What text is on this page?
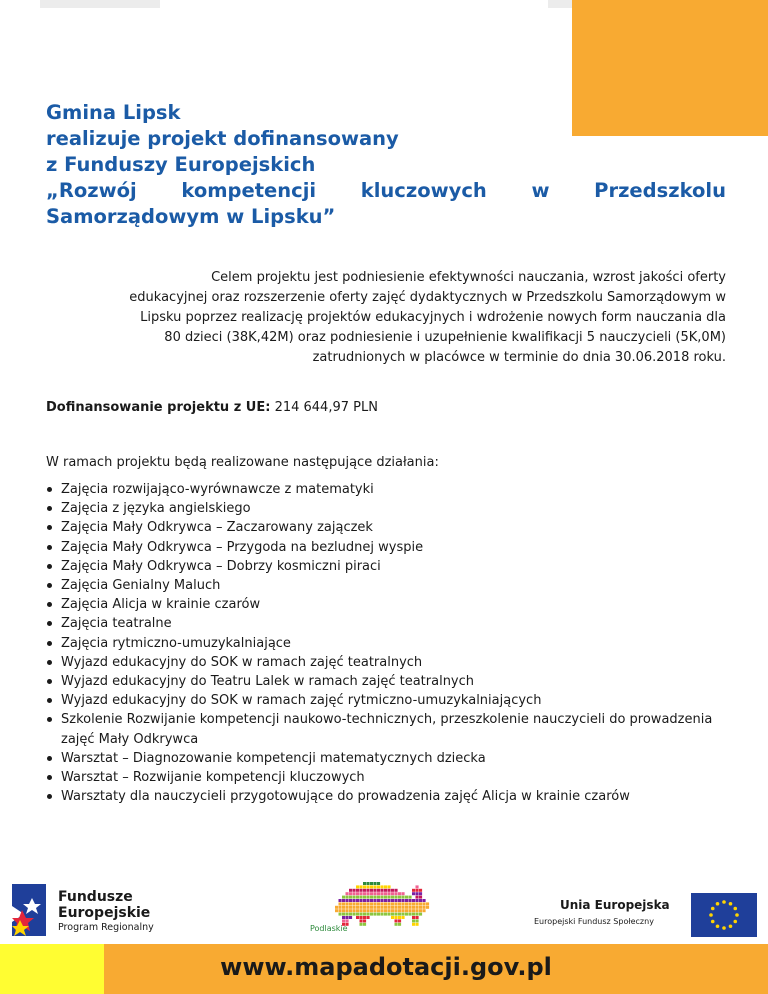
Gmina Lipsk
realizuje projekt dofinansowany
z Funduszy Europejskich
„Rozwój kompetencji kluczowych w Przedszkolu
Samorządowym w Lipsku”
Celem projektu jest podniesienie efektywności nauczania, wzrost jakości oferty
edukacyjnej oraz rozszerzenie oferty zajęć dydaktycznych w Przedszkolu Samorządowym w
Lipsku poprzez realizację projektów edukacyjnych i wdrożenie nowych form nauczania dla
80 dzieci (38K,42M) oraz podniesienie i uzupełnienie kwalifikacji 5 nauczycieli (5K,0M)
zatrudnionych w placówce w terminie do dnia 30.06.2018 roku.
Dofinansowanie projektu z UE: 214 644,97 PLN
W ramach projektu będą realizowane następujące działania:
Zajęcia rozwijająco-wyrównawcze z matematyki
Zajęcia z języka angielskiego
Zajęcia Mały Odkrywca – Zaczarowany zajączek
Zajęcia Mały Odkrywca – Przygoda na bezludnej wyspie
Zajęcia Mały Odkrywca – Dobrzy kosmiczni piraci
Zajęcia Genialny Maluch
Zajęcia Alicja w krainie czarów
Zajęcia teatralne
Zajęcia rytmiczno-umuzykalniające
Wyjazd edukacyjny do SOK w ramach zajęć teatralnych
Wyjazd edukacyjny do Teatru Lalek w ramach zajęć teatralnych
Wyjazd edukacyjny do SOK w ramach zajęć rytmiczno-umuzykalniających
Szkolenie Rozwijanie kompetencji naukowo-technicznych, przeszkolenie nauczycieli do prowadzenia zajęć Mały Odkrywca
Warsztat – Diagnozowanie kompetencji matematycznych dziecka
Warsztat – Rozwijanie kompetencji kluczowych
Warsztaty dla nauczycieli przygotowujące do prowadzenia zajęć Alicja w krainie czarów
Fundusze
Europejskie
Program Regionalny	Podlaskie
Unia Europejska
Europejski Fundusz Społeczny
www.mapadotacji.gov.pl
